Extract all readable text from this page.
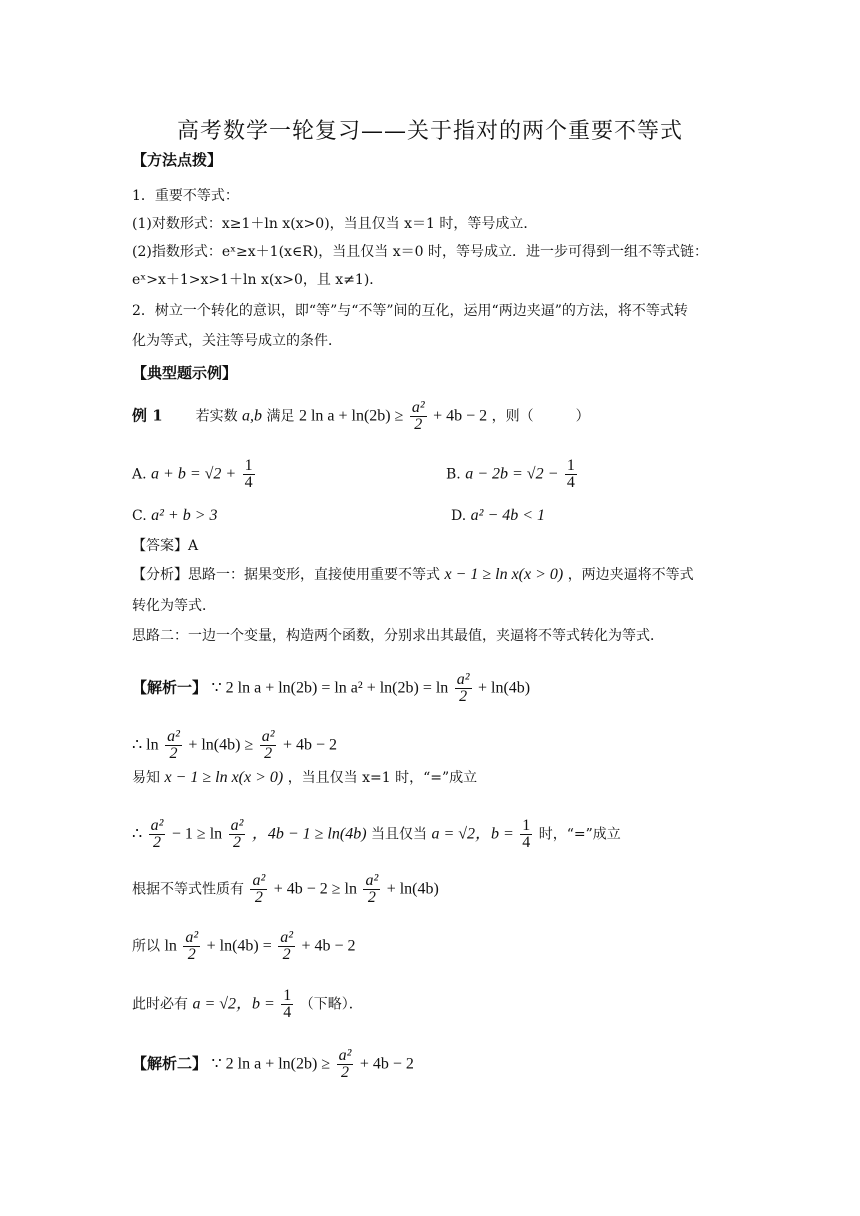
高考数学一轮复习——关于指对的两个重要不等式
【方法点拨】
1．重要不等式：
(1)对数形式：x≥1＋ln x(x>0)，当且仅当 x＝1 时，等号成立．
(2)指数形式：eˣ≥x＋1(x∈R)，当且仅当 x＝0 时，等号成立．进一步可得到一组不等式链：
eˣ>x＋1>x>1＋ln x(x>0，且 x≠1)．
2．树立一个转化的意识，即“等”与“不等”间的互化，运用“两边夹逼”的方法，将不等式转
化为等式，关注等号成立的条件．
【典型题示例】
例 1 若实数 a,b 满足 2 $\ln a + \ln(2b) \ge \frac{\text{a²}}{2} + 4b - 2$ ，则（　　　）
A. $a + b = √2 + \frac{1}{4}$	B. $a - 2b = √2 - \frac{1}{4}$
C. a² + b > 3	D. a² − 4b < 1
【答案】A
【分析】思路一：据果变形，直接使用重要不等式 x − 1 ≥ ln x(x > 0) ，两边夹逼将不等式
转化为等式．
思路二：一边一个变量，构造两个函数，分别求出其最值，夹逼将不等式转化为等式．
【解析一】 ∵ 2 $\ln a + \ln(2b) = \ln a^2 + \ln(2b) = \ln \frac{\text{a²}}{2} + \ln(4b)$
∴ $\ln \frac{\text{a²}}{2} + \ln(4b) \ge \frac{\text{a²}}{2} + 4b - 2$
易知 x − 1 ≥ ln x(x > 0) ，当且仅当 x=1 时，“=”成立
∴ $\frac{\text{a²}}{2} - 1 \ge \ln \frac{\text{a²}}{2}$ ，4b − 1 ≥ ln(4b) 当且仅当 a = √2，$b = \frac{1}{4}$ 时，“=”成立
根据不等式性质有 $\frac{\text{a²}}{2} + 4b - 2 \ge \ln \frac{\text{a²}}{2} + \ln(4b)$
所以 $\ln \frac{\text{a²}}{2} + \ln(4b) = \frac{\text{a²}}{2} + 4b - 2$
此时必有 a = √2，$b = \frac{1}{4}$ （下略）．
【解析二】 ∵ 2 $\ln a + \ln(2b) \ge \frac{\text{a²}}{2} + 4b - 2$
